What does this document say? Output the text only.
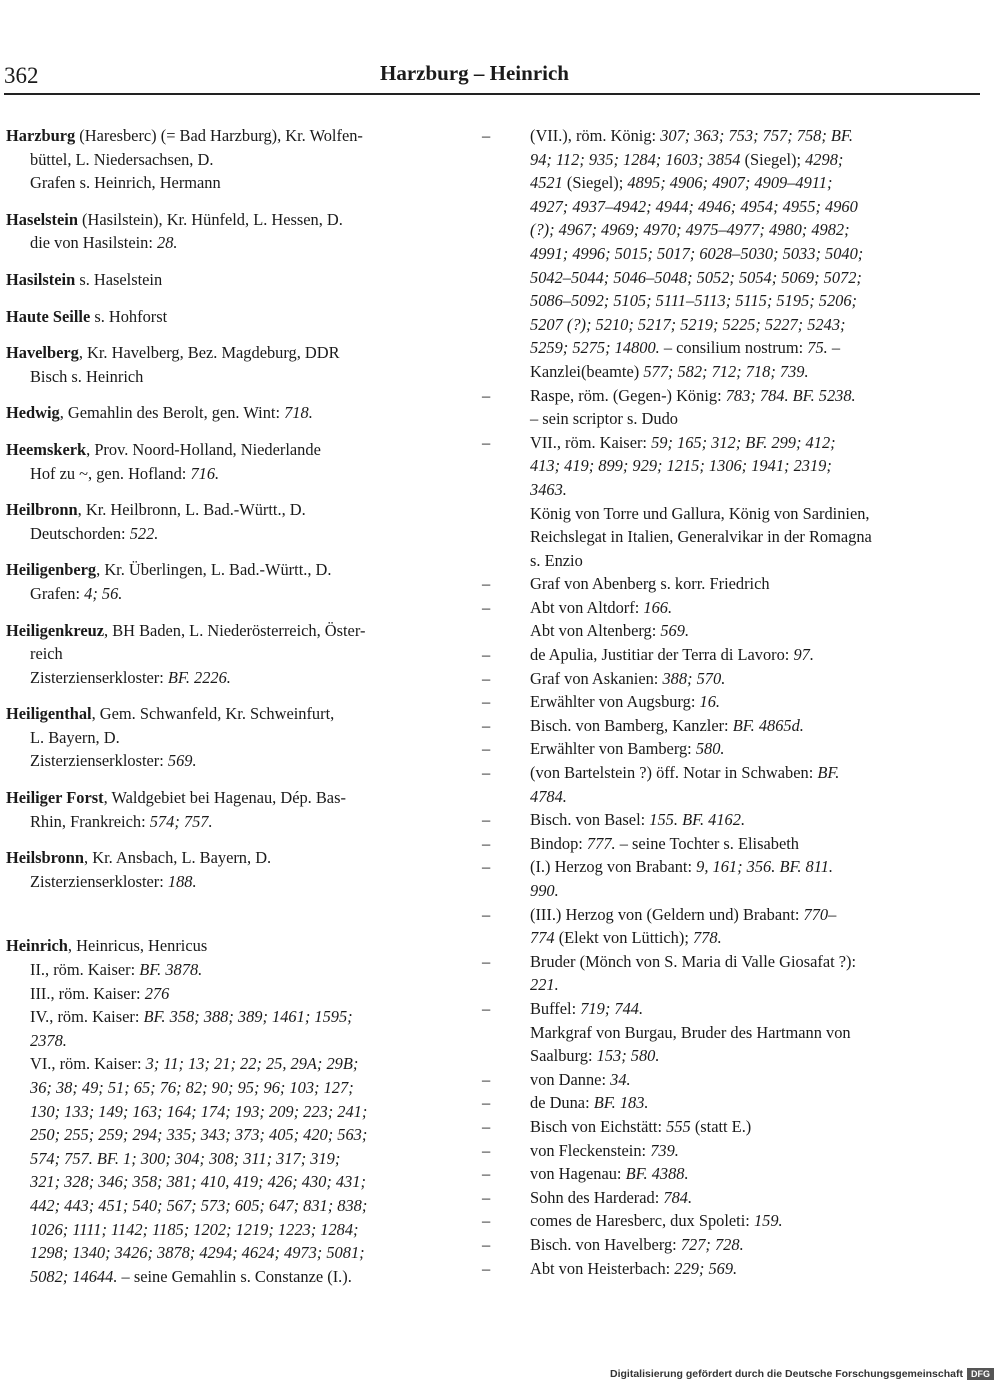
362	Harzburg – Heinrich
Harzburg (Haresberc) (= Bad Harzburg), Kr. Wolfen-
büttel, L. Niedersachsen, D.
Grafen s. Heinrich, Hermann
Haselstein (Hasilstein), Kr. Hünfeld, L. Hessen, D.
die von Hasilstein: 28.
Hasilstein s. Haselstein
Haute Seille s. Hohforst
Havelberg, Kr. Havelberg, Bez. Magdeburg, DDR
Bisch s. Heinrich
Hedwig, Gemahlin des Berolt, gen. Wint: 718.
Heemskerk, Prov. Noord-Holland, Niederlande
Hof zu ~, gen. Hofland: 716.
Heilbronn, Kr. Heilbronn, L. Bad.-Württ., D.
Deutschorden: 522.
Heiligenberg, Kr. Überlingen, L. Bad.-Württ., D.
Grafen: 4; 56.
Heiligenkreuz, BH Baden, L. Niederösterreich, Öster-
reich
Zisterzienserkloster: BF. 2226.
Heiligenthal, Gem. Schwanfeld, Kr. Schweinfurt,
L. Bayern, D.
Zisterzienserkloster: 569.
Heiliger Forst, Waldgebiet bei Hagenau, Dép. Bas-
Rhin, Frankreich: 574; 757.
Heilsbronn, Kr. Ansbach, L. Bayern, D.
Zisterzienserkloster: 188.
Heinrich, Heinricus, Henricus
II., röm. Kaiser: BF. 3878.
III., röm. Kaiser: 276
IV., röm. Kaiser: BF. 358; 388; 389; 1461; 1595;
2378.
VI., röm. Kaiser: 3; 11; 13; 21; 22; 25, 29A; 29B;
36; 38; 49; 51; 65; 76; 82; 90; 95; 96; 103; 127;
130; 133; 149; 163; 164; 174; 193; 209; 223; 241;
250; 255; 259; 294; 335; 343; 373; 405; 420; 563;
574; 757. BF. 1; 300; 304; 308; 311; 317; 319;
321; 328; 346; 358; 381; 410, 419; 426; 430; 431;
442; 443; 451; 540; 567; 573; 605; 647; 831; 838;
1026; 1111; 1142; 1185; 1202; 1219; 1223; 1284;
1298; 1340; 3426; 3878; 4294; 4624; 4973; 5081;
5082; 14644. – seine Gemahlin s. Constanze (I.).
– (VII.), röm. König: 307; 363; 753; 757; 758; BF.
94; 112; 935; 1284; 1603; 3854 (Siegel); 4298;
4521 (Siegel); 4895; 4906; 4907; 4909–4911;
4927; 4937–4942; 4944; 4946; 4954; 4955; 4960
(?); 4967; 4969; 4970; 4975–4977; 4980; 4982;
4991; 4996; 5015; 5017; 6028–5030; 5033; 5040;
5042–5044; 5046–5048; 5052; 5054; 5069; 5072;
5086–5092; 5105; 5111–5113; 5115; 5195; 5206;
5207 (?); 5210; 5217; 5219; 5225; 5227; 5243;
5259; 5275; 14800. – consilium nostrum: 75. –
Kanzlei(beamte) 577; 582; 712; 718; 739.
– Raspe, röm. (Gegen-) König: 783; 784. BF. 5238.
– sein scriptor s. Dudo
– VII., röm. Kaiser: 59; 165; 312; BF. 299; 412;
413; 419; 899; 929; 1215; 1306; 1941; 2319;
3463.
König von Torre und Gallura, König von Sardinien,
Reichslegat in Italien, Generalvikar in der Romagna
s. Enzio
– Graf von Abenberg s. korr. Friedrich
– Abt von Altdorf: 166.
Abt von Altenberg: 569.
– de Apulia, Justitiar der Terra di Lavoro: 97.
– Graf von Askanien: 388; 570.
– Erwählter von Augsburg: 16.
– Bisch. von Bamberg, Kanzler: BF. 4865d.
– Erwählter von Bamberg: 580.
– (von Bartelstein ?) öff. Notar in Schwaben: BF.
4784.
– Bisch. von Basel: 155. BF. 4162.
– Bindop: 777. – seine Tochter s. Elisabeth
– (I.) Herzog von Brabant: 9, 161; 356. BF. 811.
990.
– (III.) Herzog von (Geldern und) Brabant: 770–
774 (Elekt von Lüttich); 778.
– Bruder (Mönch von S. Maria di Valle Giosafat ?):
221.
– Buffel: 719; 744.
Markgraf von Burgau, Bruder des Hartmann von
Saalburg: 153; 580.
– von Danne: 34.
– de Duna: BF. 183.
– Bisch von Eichstätt: 555 (statt E.)
– von Fleckenstein: 739.
– von Hagenau: BF. 4388.
– Sohn des Harderad: 784.
– comes de Haresberc, dux Spoleti: 159.
– Bisch. von Havelberg: 727; 728.
– Abt von Heisterbach: 229; 569.
Digitalisierung gefördert durch die Deutsche Forschungsgemeinschaft DFG
